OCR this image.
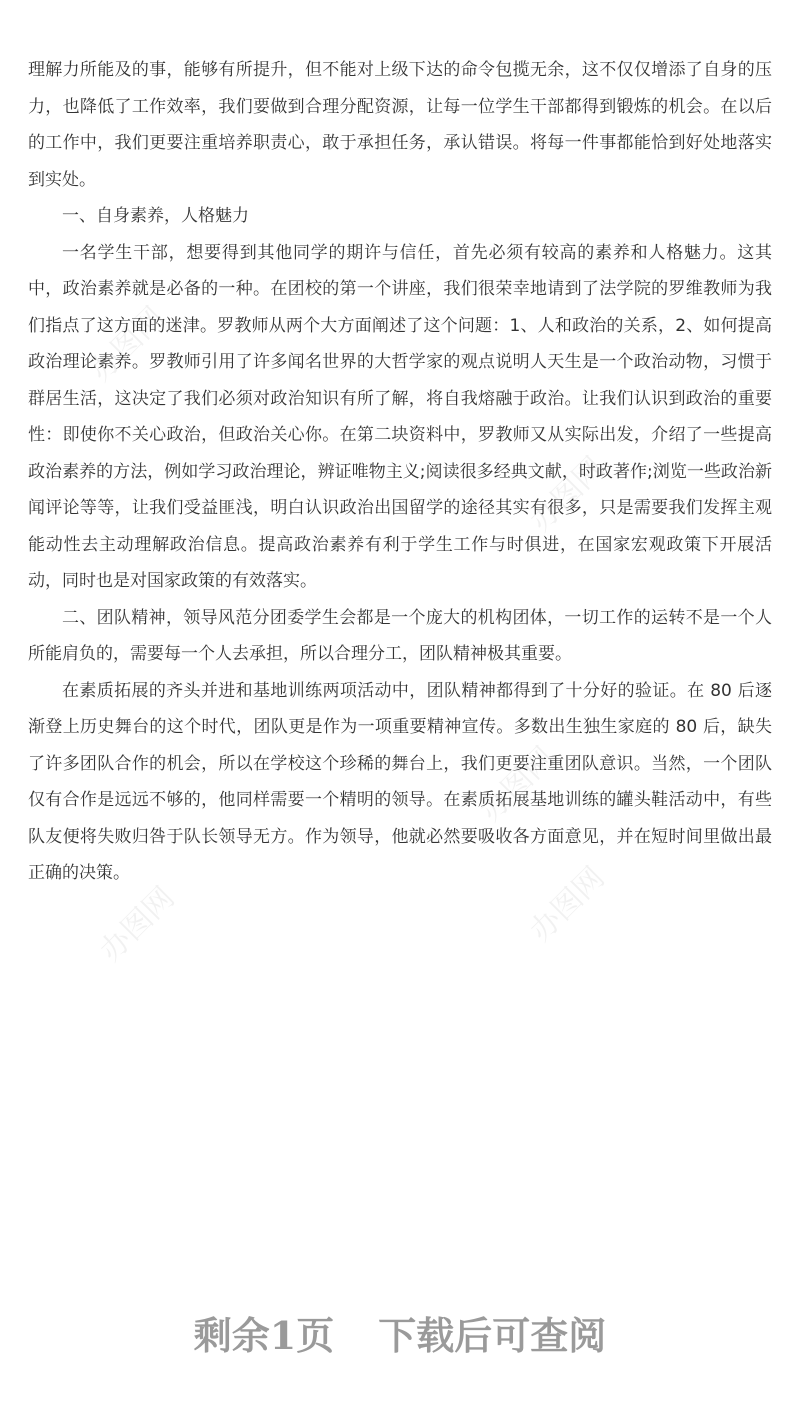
办图网
办图网
办图网
办图网
办图网

理解力所能及的事，能够有所提升，但不能对上级下达的命令包揽无余，这不仅仅增添了自身的压力，也降低了工作效率，我们要做到合理分配资源，让每一位学生干部都得到锻炼的机会。在以后的工作中，我们更要注重培养职责心，敢于承担任务，承认错误。将每一件事都能恰到好处地落实到实处。

一、自身素养，人格魅力

一名学生干部，想要得到其他同学的期许与信任，首先必须有较高的素养和人格魅力。这其中，政治素养就是必备的一种。在团校的第一个讲座，我们很荣幸地请到了法学院的罗维教师为我们指点了这方面的迷津。罗教师从两个大方面阐述了这个问题：1、人和政治的关系，2、如何提高政治理论素养。罗教师引用了许多闻名世界的大哲学家的观点说明人天生是一个政治动物，习惯于群居生活，这决定了我们必须对政治知识有所了解，将自我熔融于政治。让我们认识到政治的重要性：即使你不关心政治，但政治关心你。在第二块资料中，罗教师又从实际出发，介绍了一些提高政治素养的方法，例如学习政治理论，辨证唯物主义;阅读很多经典文献，时政著作;浏览一些政治新闻评论等等，让我们受益匪浅，明白认识政治出国留学的途径其实有很多，只是需要我们发挥主观能动性去主动理解政治信息。提高政治素养有利于学生工作与时俱进，在国家宏观政策下开展活动，同时也是对国家政策的有效落实。

二、团队精神，领导风范分团委学生会都是一个庞大的机构团体，一切工作的运转不是一个人所能肩负的，需要每一个人去承担，所以合理分工，团队精神极其重要。

在素质拓展的齐头并进和基地训练两项活动中，团队精神都得到了十分好的验证。在 80 后逐渐登上历史舞台的这个时代，团队更是作为一项重要精神宣传。多数出生独生家庭的 80 后，缺失了许多团队合作的机会，所以在学校这个珍稀的舞台上，我们更要注重团队意识。当然，一个团队仅有合作是远远不够的，他同样需要一个精明的领导。在素质拓展基地训练的罐头鞋活动中，有些队友便将失败归咎于队长领导无方。作为领导，他就必然要吸收各方面意见，并在短时间里做出最正确的决策。

剩余1页 下载后可查阅
